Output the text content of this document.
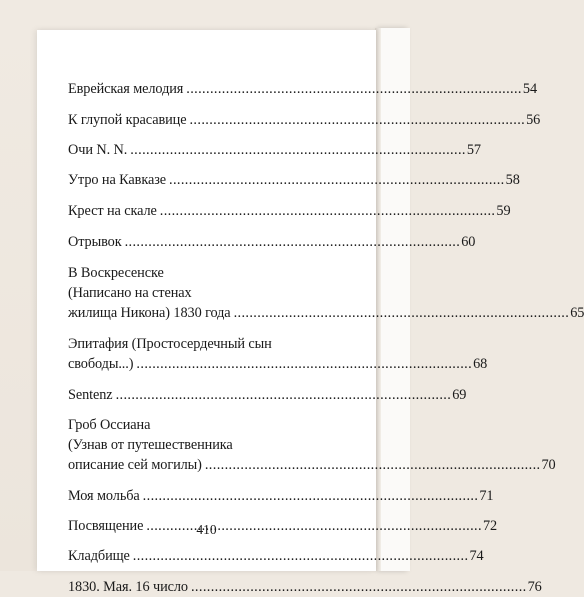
Еврейская мелодия . . .	54
К глупой красавице . . .	56
Очи N. N. . . .	57
Утро на Кавказе . . .	58
Крест на скале . . .	59
Отрывок . . .	60
В Воскресенске
(Написано на стенах
жилища Никона) 1830 года . . .	65
Эпитафия (Простосердечный сын
свободы...) . . .	68
Sentenz . . .	69
Гроб Оссиана
(Узнав от путешественника
описание сей могилы) . . .	70
Моя мольба . . .	71
Посвящение . . .	72
Кладбище . . .	74
1830. Мая. 16 число . . .	76
410
